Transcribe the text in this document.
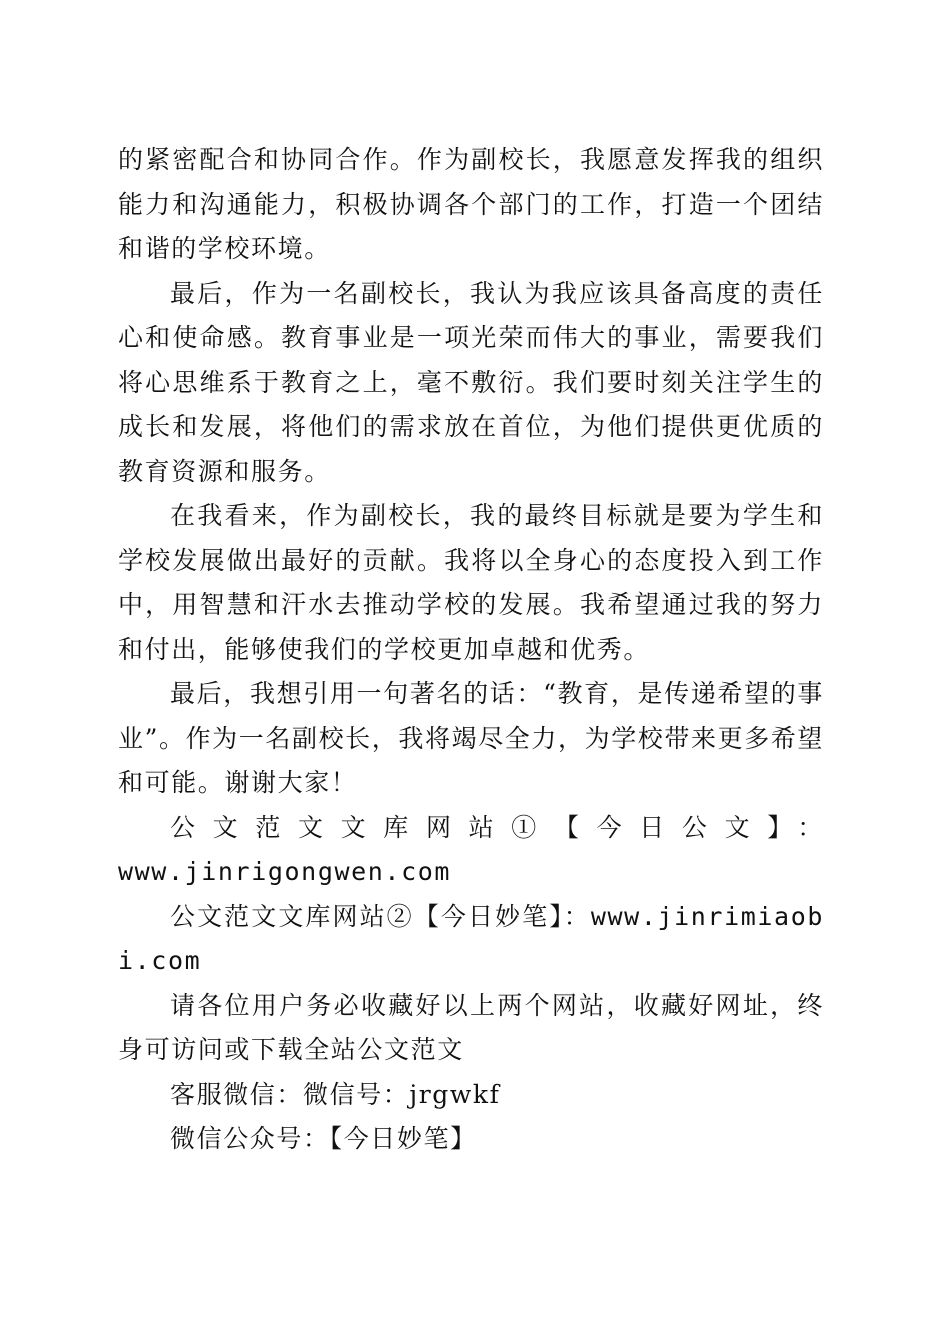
的紧密配合和协同合作。作为副校长，我愿意发挥我的组织能力和沟通能力，积极协调各个部门的工作，打造一个团结和谐的学校环境。

最后，作为一名副校长，我认为我应该具备高度的责任心和使命感。教育事业是一项光荣而伟大的事业，需要我们将心思维系于教育之上，毫不敷衍。我们要时刻关注学生的成长和发展，将他们的需求放在首位，为他们提供更优质的教育资源和服务。

在我看来，作为副校长，我的最终目标就是要为学生和学校发展做出最好的贡献。我将以全身心的态度投入到工作中，用智慧和汗水去推动学校的发展。我希望通过我的努力和付出，能够使我们的学校更加卓越和优秀。

最后，我想引用一句著名的话：“教育，是传递希望的事业”。作为一名副校长，我将竭尽全力，为学校带来更多希望和可能。谢谢大家！

公文范文文库网站①【今日公文】：

www.jinrigongwen.com

公文范文文库网站②【今日妙笔】：www.jinrimiaobi.com

请各位用户务必收藏好以上两个网站，收藏好网址，终身可访问或下载全站公文范文

客服微信：微信号：jrgwkf

微信公众号：【今日妙笔】
